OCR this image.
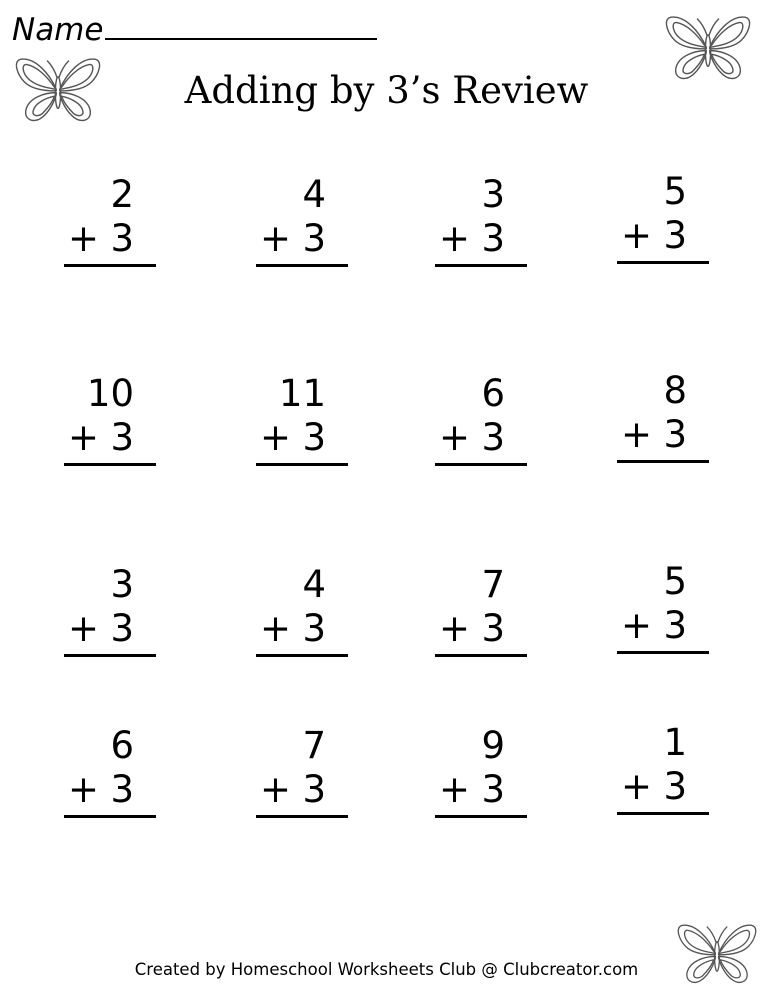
Name
Adding by 3’s Review
2
+ 3
4
+ 3
3
+ 3
5
+ 3
10
+ 3
11
+ 3
6
+ 3
8
+ 3
3
+ 3
4
+ 3
7
+ 3
5
+ 3
6
+ 3
7
+ 3
9
+ 3
1
+ 3
Created by Homeschool Worksheets Club @ Clubcreator.com
